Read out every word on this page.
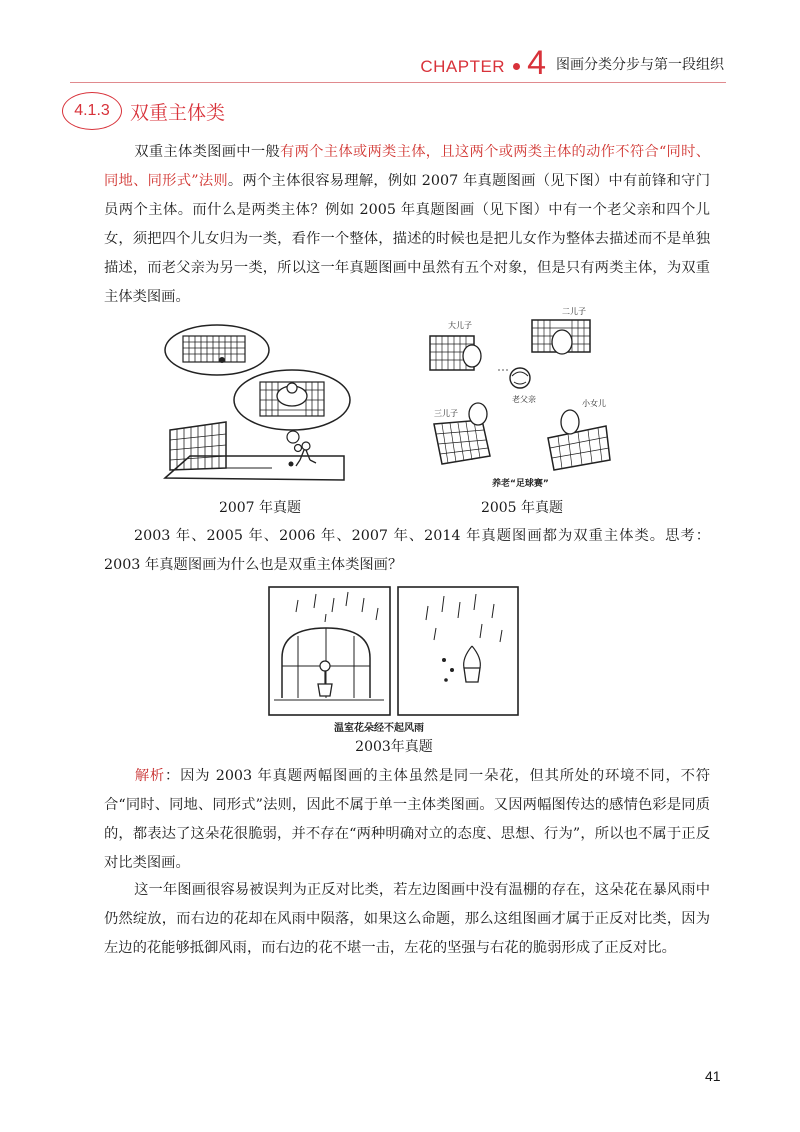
CHAPTER 4 图画分类分步与第一段组织
4.1.3 双重主体类
双重主体类图画中一般有两个主体或两类主体，且这两个或两类主体的动作不符合“同时、同地、同形式”法则。两个主体很容易理解，例如 2007 年真题图画（见下图）中有前锋和守门员两个主体。而什么是两类主体？例如 2005 年真题图画（见下图）中有一个老父亲和四个儿女，须把四个儿女归为一类，看作一个整体，描述的时候也是把儿女作为整体去描述而不是单独描述，而老父亲为另一类，所以这一年真题图画中虽然有五个对象，但是只有两类主体，为双重主体类图画。
2007 年真题
大儿子
二儿子
老父亲
三儿子
小女儿
养老“足球赛”
2005 年真题
2003 年、2005 年、2006 年、2007 年、2014 年真题图画都为双重主体类。思考：2003 年真题图画为什么也是双重主体类图画？
温室花朵经不起风雨
2003年真题
解析：因为 2003 年真题两幅图画的主体虽然是同一朵花，但其所处的环境不同，不符合“同时、同地、同形式”法则，因此不属于单一主体类图画。又因两幅图传达的感情色彩是同质的，都表达了这朵花很脆弱，并不存在“两种明确对立的态度、思想、行为”，所以也不属于正反对比类图画。
这一年图画很容易被误判为正反对比类，若左边图画中没有温棚的存在，这朵花在暴风雨中仍然绽放，而右边的花却在风雨中陨落，如果这么命题，那么这组图画才属于正反对比类，因为左边的花能够抵御风雨，而右边的花不堪一击，左花的坚强与右花的脆弱形成了正反对比。
41
